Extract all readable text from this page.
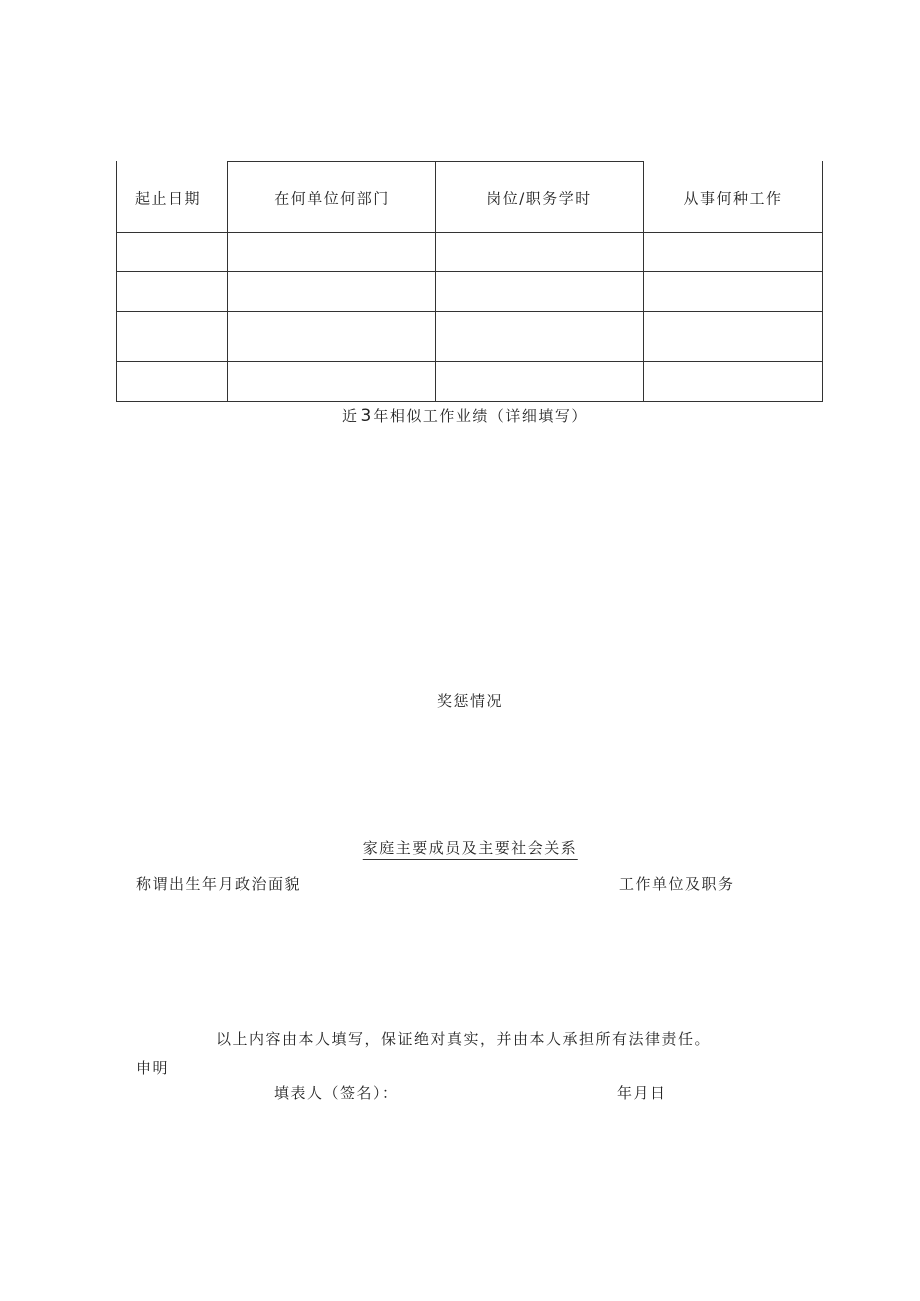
起止日期	在何单位何部门	岗位/职务学时	从事何种工作
近 3 年相似工作业绩（详细填写）
奖惩情况
家庭主要成员及主要社会关系
称谓出生年月政治面貌	工作单位及职务
以上内容由本人填写，保证绝对真实，并由本人承担所有法律责任。
申明
填表人（签名）：	年月日
